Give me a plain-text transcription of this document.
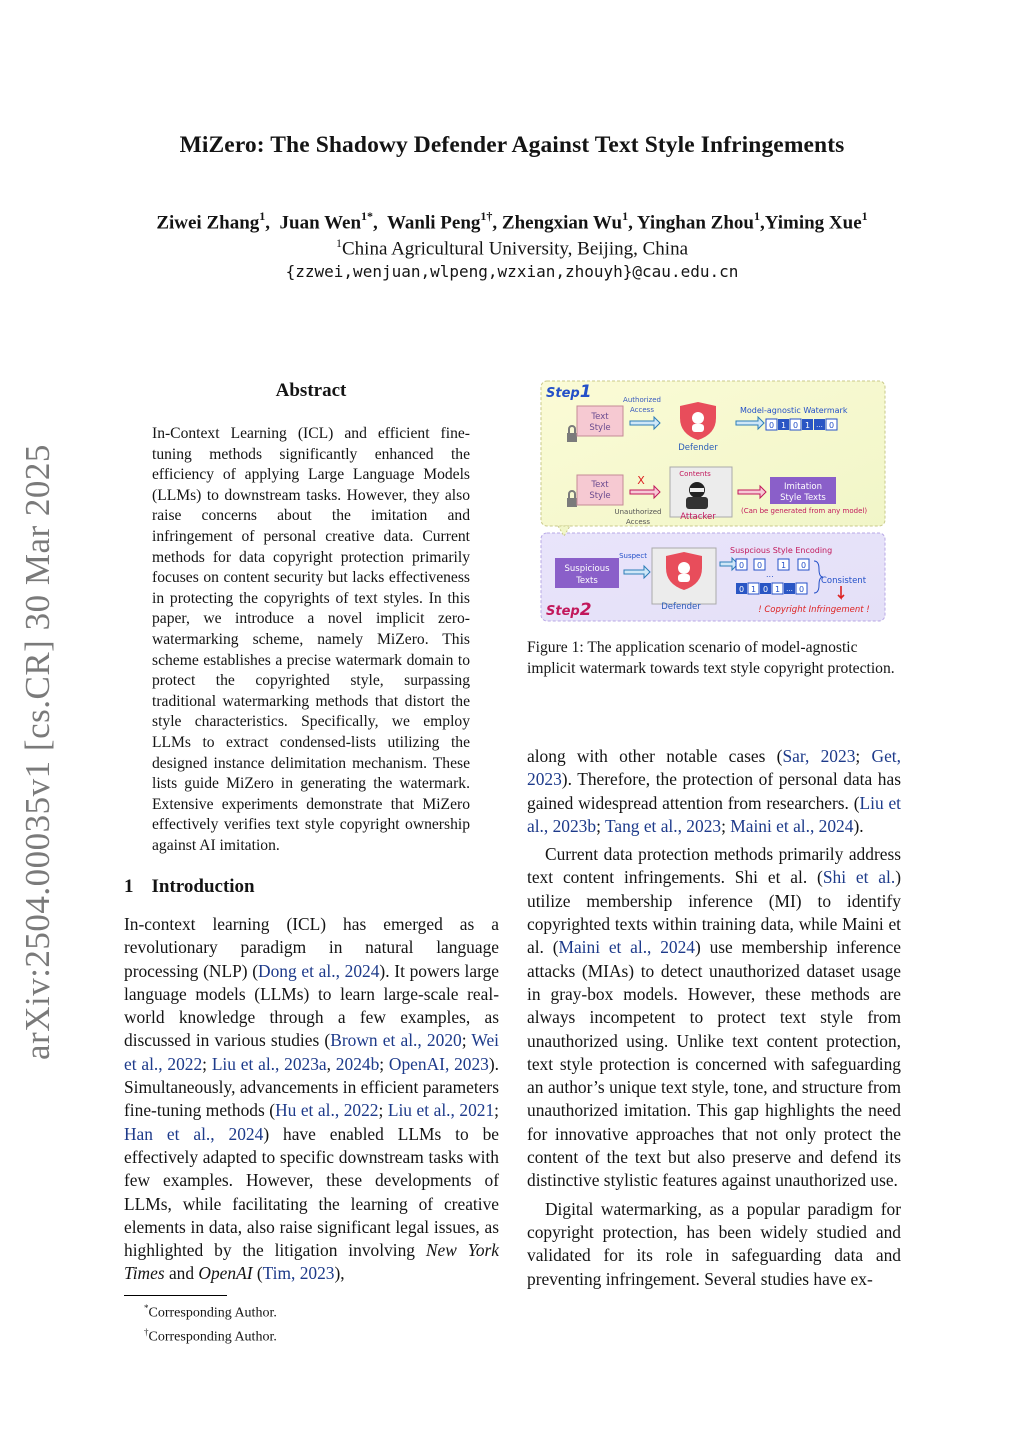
MiZero: The Shadowy Defender Against Text Style Infringements
Ziwei Zhang$^1$,  Juan Wen$^{1*}$,  Wanli Peng$^{1\dagger}$, Zhengxian Wu$^1$, Yinghan Zhou$^1$,Yiming Xue$^1$
$^1$China Agricultural University, Beijing, China
{zzwei,wenjuan,wlpeng,wzxian,zhouyh}@cau.edu.cn
arXiv:2504.00035v1 [cs.CR] 30 Mar 2025
Abstract
In-Context Learning (ICL) and efficient fine-tuning methods significantly enhanced the efficiency of applying Large Language Models (LLMs) to downstream tasks. However, they also raise concerns about the imitation and infringement of personal creative data. Current methods for data copyright protection primarily focuses on content security but lacks effectiveness in protecting the copyrights of text styles. In this paper, we introduce a novel implicit zero-watermarking scheme, namely MiZero. This scheme establishes a precise watermark domain to protect the copyrighted style, surpassing traditional watermarking methods that distort the style characteristics. Specifically, we employ LLMs to extract condensed-lists utilizing the designed instance delimitation mechanism. These lists guide MiZero in generating the watermark. Extensive experiments demonstrate that MiZero effectively verifies text style copyright ownership against AI imitation.
1 Introduction

In-context learning (ICL) has emerged as a revolutionary paradigm in natural language processing (NLP) (Dong et al., 2024). It powers large language models (LLMs) to learn large-scale real-world knowledge through a few examples, as discussed in various studies (Brown et al., 2020; Wei et al., 2022; Liu et al., 2023a, 2024b; OpenAI, 2023). Simultaneously, advancements in efficient parameters fine-tuning methods (Hu et al., 2022; Liu et al., 2021; Han et al., 2024) have enabled LLMs to be effectively adapted to specific downstream tasks with few examples. However, these developments of LLMs, while facilitating the learning of creative elements in data, also raise significant legal issues, as highlighted by the litigation involving New York Times and OpenAI (Tim, 2023),

*Corresponding Author.
†Corresponding Author.
Step1
Step2
Text
Style
Authorized
Access
Defender
Model-agnostic Watermark
0 1 0 1 ... 0
Text
Style
X
Unauthorized
Access
Contents
Attacker
Imitation
Style Texts
(Can be generated from any model)
Suspicious
Texts
Suspect
Defender
Suspcious Style Encoding
0 0 1 0
...
0 1 0 1 ... 0
Consistent
! Copyright Infringement !
Figure 1: The application scenario of model-agnostic implicit watermark towards text style copyright protection.

along with other notable cases (Sar, 2023; Get, 2023). Therefore, the protection of personal data has gained widespread attention from researchers. (Liu et al., 2023b; Tang et al., 2023; Maini et al., 2024).

Current data protection methods primarily address text content infringements. Shi et al. (Shi et al.) utilize membership inference (MI) to identify copyrighted texts within training data, while Maini et al. (Maini et al., 2024) use membership inference attacks (MIAs) to detect unauthorized dataset usage in gray-box models. However, these methods are always incompetent to protect text style from unauthorized using. Unlike text content protection, text style protection is concerned with safeguarding an author’s unique text style, tone, and structure from unauthorized imitation. This gap highlights the need for innovative approaches that not only protect the content of the text but also preserve and defend its distinctive stylistic features against unauthorized use.

Digital watermarking, as a popular paradigm for copyright protection, has been widely studied and validated for its role in safeguarding data and preventing infringement. Several studies have ex-
